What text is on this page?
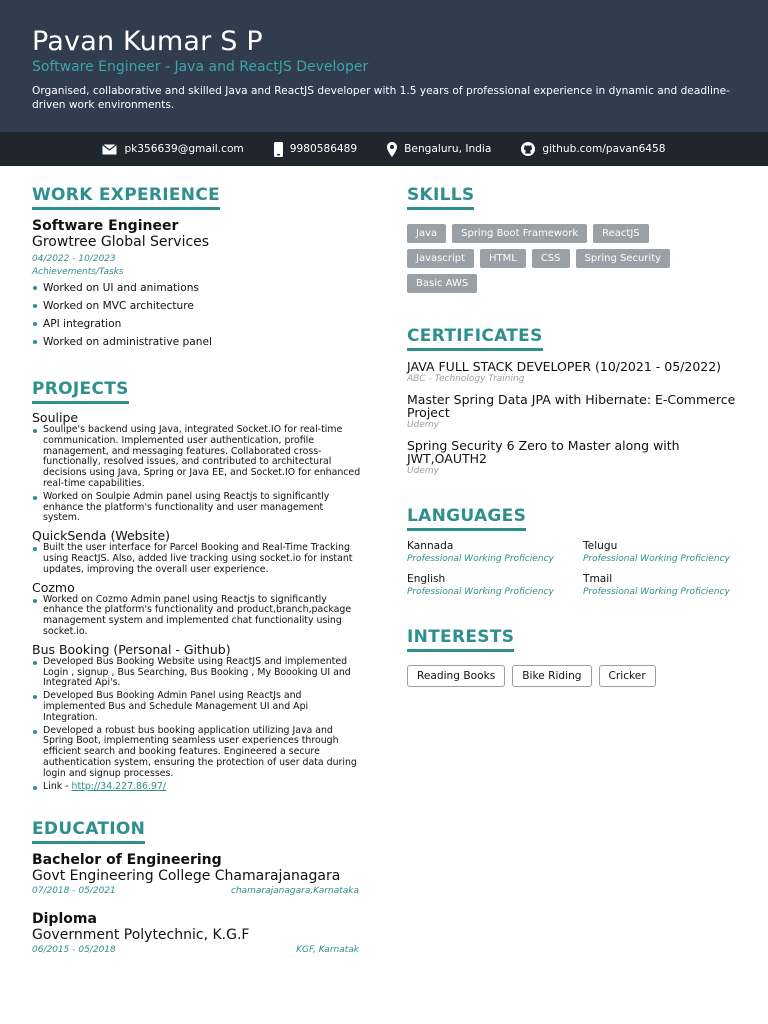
Pavan Kumar S P
Software Engineer - Java and ReactJS Developer

Organised, collaborative and skilled Java and ReactJS developer with 1.5 years of professional experience in dynamic and deadline-driven work environments.

pk356639@gmail.com	9980586489	Bengaluru, India	github.com/pavan6458
WORK EXPERIENCE
Software Engineer
Growtree Global Services
04/2022 - 10/2023
Achievements/Tasks
Worked on UI and animations
Worked on MVC architecture
API integration
Worked on administrative panel
PROJECTS
Soulipe
Soulipe's backend using Java, integrated Socket.IO for real-time communication. Implemented user authentication, profile management, and messaging features. Collaborated cross-functionally, resolved issues, and contributed to architectural decisions using Java, Spring or Java EE, and Socket.IO for enhanced real-time capabilities.
Worked on Soulpie Admin panel using Reactjs to significantly enhance the platform's functionality and user management system.
QuickSenda (Website)
Built the user interface for Parcel Booking and Real-Time Tracking using ReactJS. Also, added live tracking using socket.io for instant updates, improving the overall user experience.
Cozmo
Worked on Cozmo Admin panel using Reactjs to significantly enhance the platform's functionality and product,branch,package management system and implemented chat functionality using socket.io.
Bus Booking (Personal - Github)
Developed Bus Booking Website using ReactJS and implemented Login , signup , Bus Searching, Bus Booking , My Boooking UI and Integrated Api's.
Developed Bus Booking Admin Panel using ReactJs and implemented Bus and Schedule Management UI and Api Integration.
Developed a robust bus booking application utilizing Java and Spring Boot, implementing seamless user experiences through efficient search and booking features. Engineered a secure authentication system, ensuring the protection of user data during login and signup processes.
Link - http://34.227.86.97/
EDUCATION
Bachelor of Engineering
Govt Engineering College Chamarajanagara
07/2018 - 05/2021	chamarajanagara,Karnataka
Diploma
Government Polytechnic, K.G.F
06/2015 - 05/2018	KGF, Karnatak
SKILLS
Java	Spring Boot Framework	ReactJS
Javascript	HTML	CSS	Spring Security
Basic AWS
CERTIFICATES
JAVA FULL STACK DEVELOPER (10/2021 - 05/2022)
ABC - Technology Training
Master Spring Data JPA with Hibernate: E-Commerce Project
Udemy
Spring Security 6 Zero to Master along with JWT,OAUTH2
Udemy
LANGUAGES
Kannada
Professional Working Proficiency
Telugu
Professional Working Proficiency
English
Professional Working Proficiency
Tmail
Professional Working Proficiency
INTERESTS
Reading Books	Bike Riding	Cricker
